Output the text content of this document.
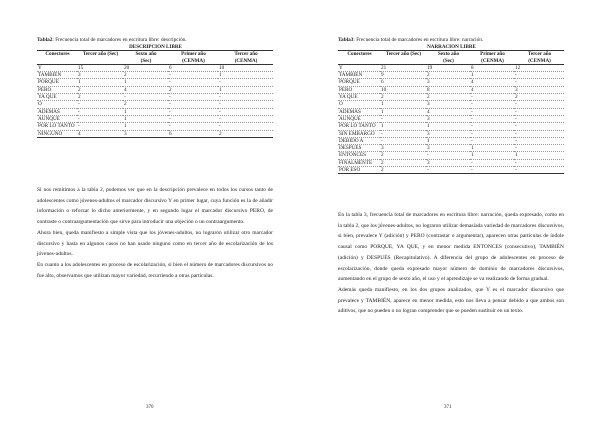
Tabla2: Frecuencia total de marcadores en escritura libre: descripción.
DESCRIPCIÓN LIBRE				
Conectores	Tercer año (Sec)	Sexto año	Primer año	Tercer año
		(Sec)	(CENMA)	(CENMA)
Y	15	20	6	10
TAMBIÉN	3	2	-	1
PORQUE	1	1	-	-
PERO	2	4	2	1
YA QUE	2	-	-	-
O	-	2	-	-
ADEMÁS	-	1	-	-
AUNQUE	-	1	-	-
POR LO TANTO	-	1	-	-
NINGUNO	4	3	6	2

Si nos remitimos a la tabla 2, podemos ver que en la descripción prevalece en todos los cursos tanto de adolescentes como jóvenes-adultos el marcador discursivo Y en primer lugar, cuya función es la de añadir información o reforzar lo dicho anteriormente, y en segundo lugar el marcador discursivo PERO, de contraste o contraargumentación que sirve para introducir una objeción o un contraargumento.

Ahora bien, queda manifiesto a simple vista que los jóvenes-adultos, no lograron utilizar otro marcador discursivo y hasta en algunos casos no han usado ninguno como en tercer año de escolarización de los jóvenes-adultos.

En cuanto a los adolescentes en proceso de escolarización, si bien el número de marcadores discursivos no fue alto, observamos que utilizan mayor variedad, recurriendo a otras partículas.

370
Tabla3: Frecuencia total de marcadores en escritura libre: narración.
NARRACIÓN LIBRE				
Conectores	Tercer año (Sec)	Sexto año	Primer año	Tercer año
		(Sec)	(CENMA)	(CENMA)
Y	21	19	8	12
TAMBIÉN	9	2	1	-
PORQUE	6	3	4	-
PERO	10	8	4	3
YA QUE	2	2	-	2
O	1	3	-	-
ADEMÁS	1	4	-	-
AUNQUE	-	3	-	-
POR LO TANTO	1	1	-	-
SIN EMBARGO	-	3	-	-
DEBIDO A	-	1	-	-
DESPUÉS	3	3	1	-
ENTONCES	2	-	1	1
FINALMENTE	2	3	-	-
POR ESO	2	-	-	-

En la tabla 3, frecuencia total de marcadores en escritura libre: narración, queda expresado, como en la tabla 2, que los jóvenes-adultos, no lograron utilizar demasiada variedad de marcadores discursivos, si bien, prevalece Y (adición) y PERO (contrastar o argumentar), aparecen otras partículas de índole causal como PORQUE, YA QUE, y en menor medida ENTONCES (consecutivo), TAMBIÉN (adición) y DESPUÉS (Recapitulativo). A diferencia del grupo de adolescentes en proceso de escolarización, donde queda expresado mayor número de dominio de marcadores discursivos, aumentando en el grupo de sexto año, el uso y el aprendizaje se va realizando de forma gradual.

Además queda manifiesto, en los dos grupos analizados, que Y es el marcador discursivo que prevalece y TAMBIÉN, aparece en menor medida, esto nos lleva a pensar debido a que ambos son aditivos, que no pueden o no logran comprender que se pueden sustituir en un texto.

371
